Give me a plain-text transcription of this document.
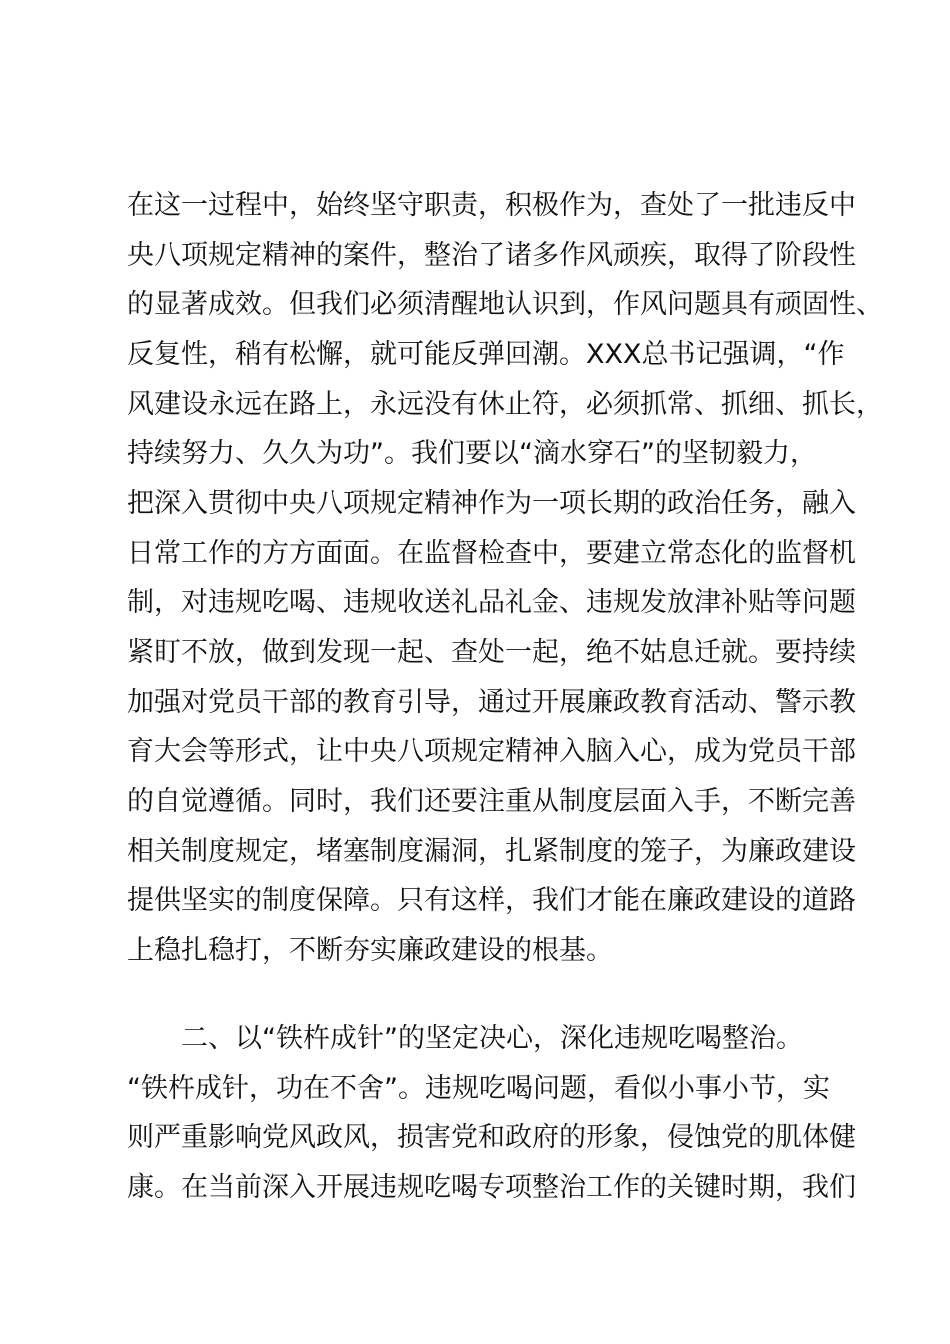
在这一过程中，始终坚守职责，积极作为，查处了一批违反中
央八项规定精神的案件，整治了诸多作风顽疾，取得了阶段性
的显著成效。但我们必须清醒地认识到，作风问题具有顽固性、
反复性，稍有松懈，就可能反弹回潮。XXX总书记强调，“作
风建设永远在路上，永远没有休止符，必须抓常、抓细、抓长，
持续努力、久久为功”。我们要以“滴水穿石”的坚韧毅力，
把深入贯彻中央八项规定精神作为一项长期的政治任务，融入
日常工作的方方面面。在监督检查中，要建立常态化的监督机
制，对违规吃喝、违规收送礼品礼金、违规发放津补贴等问题
紧盯不放，做到发现一起、查处一起，绝不姑息迁就。要持续
加强对党员干部的教育引导，通过开展廉政教育活动、警示教
育大会等形式，让中央八项规定精神入脑入心，成为党员干部
的自觉遵循。同时，我们还要注重从制度层面入手，不断完善
相关制度规定，堵塞制度漏洞，扎紧制度的笼子，为廉政建设
提供坚实的制度保障。只有这样，我们才能在廉政建设的道路
上稳扎稳打，不断夯实廉政建设的根基。
二、以“铁杵成针”的坚定决心，深化违规吃喝整治。
“铁杵成针，功在不舍”。违规吃喝问题，看似小事小节，实
则严重影响党风政风，损害党和政府的形象，侵蚀党的肌体健
康。在当前深入开展违规吃喝专项整治工作的关键时期，我们
